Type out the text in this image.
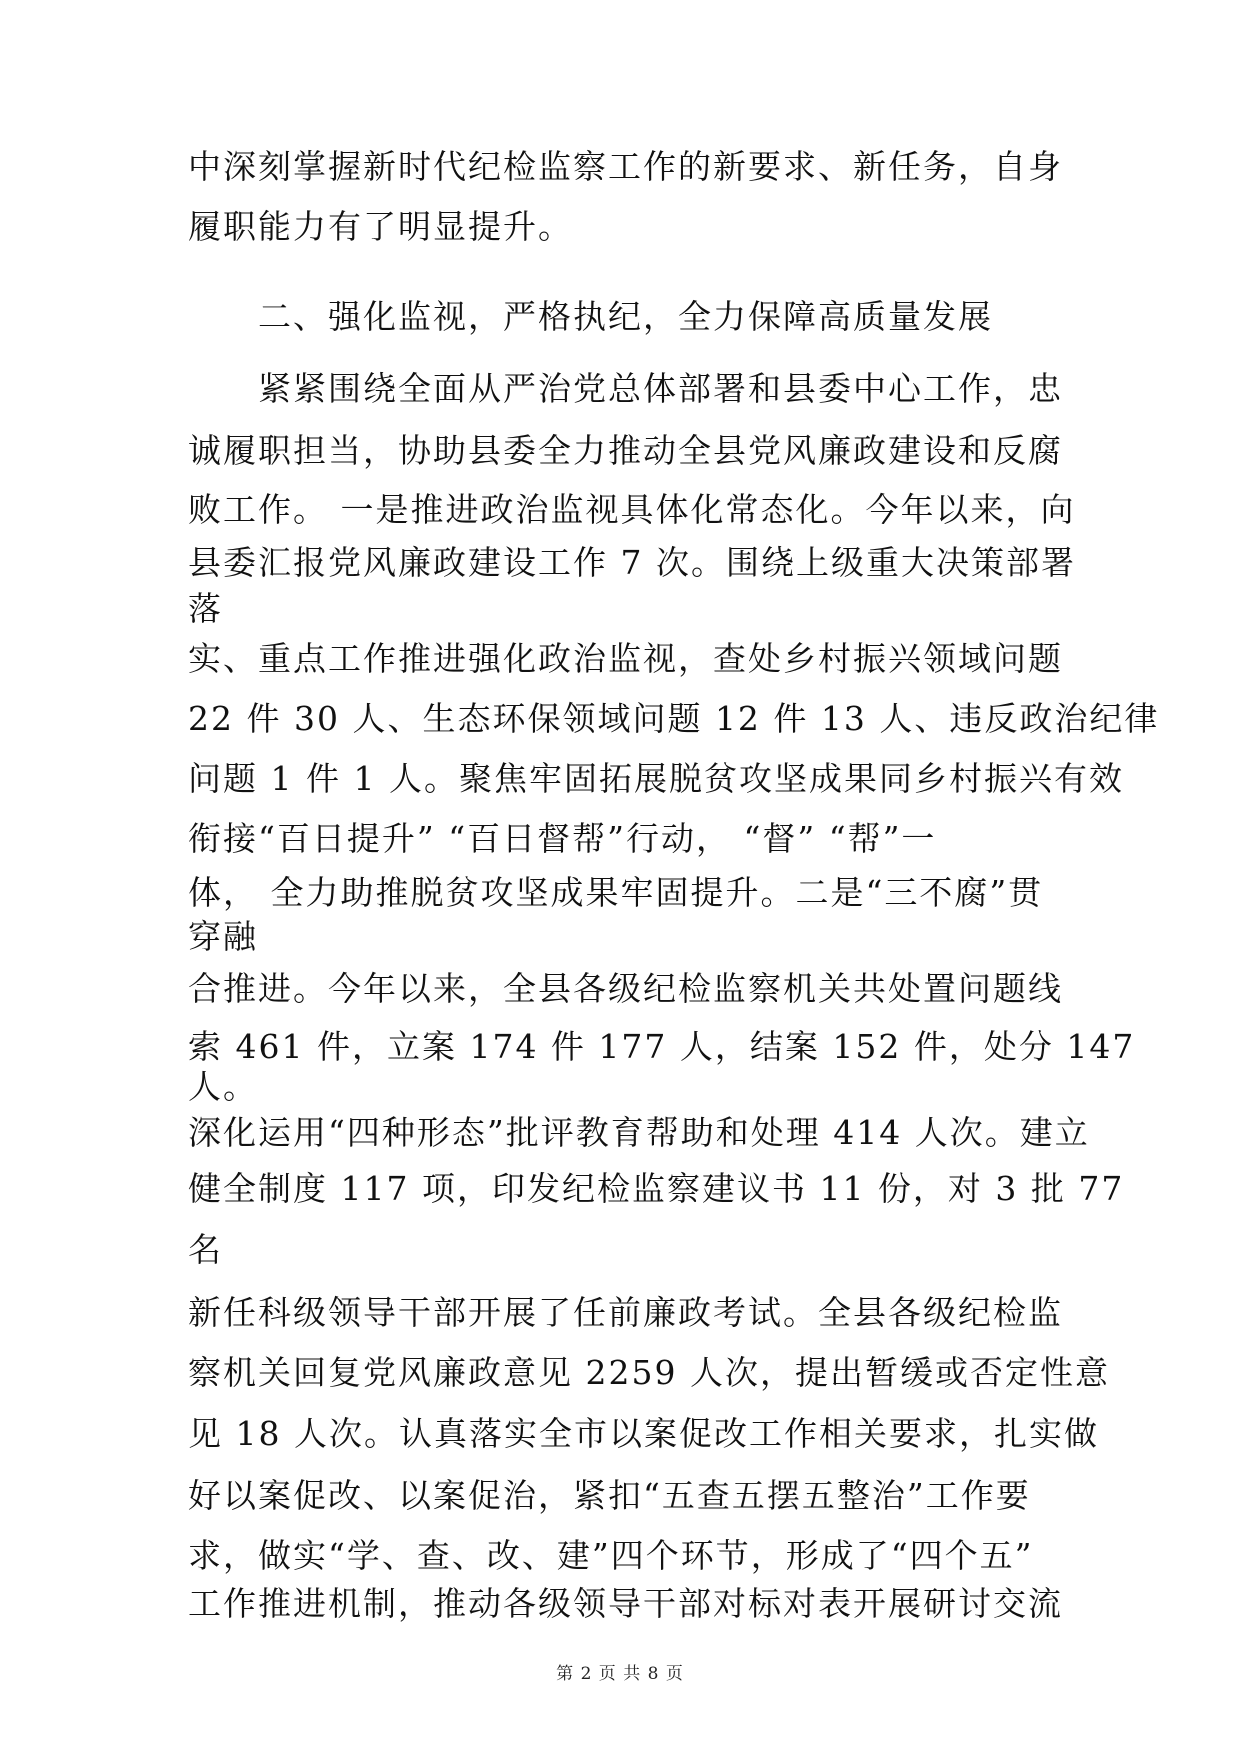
中深刻掌握新时代纪检监察工作的新要求、新任务，自身
履职能力有了明显提升。
二、强化监视，严格执纪，全力保障高质量发展
紧紧围绕全面从严治党总体部署和县委中心工作，忠
诚履职担当，协助县委全力推动全县党风廉政建设和反腐
败工作。 一是推进政治监视具体化常态化。今年以来，向
县委汇报党风廉政建设工作 7 次。围绕上级重大决策部署
落
实、重点工作推进强化政治监视，查处乡村振兴领域问题
22 件 30 人、生态环保领域问题 12 件 13 人、违反政治纪律
问题 1 件 1 人。聚焦牢固拓展脱贫攻坚成果同乡村振兴有效
衔接“百日提升” “百日督帮”行动， “督” “帮”一
体， 全力助推脱贫攻坚成果牢固提升。二是“三不腐”贯
穿融
合推进。今年以来，全县各级纪检监察机关共处置问题线
索 461 件，立案 174 件 177 人，结案 152 件，处分 147
人。
深化运用“四种形态”批评教育帮助和处理 414 人次。建立
健全制度 117 项，印发纪检监察建议书 11 份，对 3 批 77
名
新任科级领导干部开展了任前廉政考试。全县各级纪检监
察机关回复党风廉政意见 2259 人次，提出暂缓或否定性意
见 18 人次。认真落实全市以案促改工作相关要求，扎实做
好以案促改、以案促治，紧扣“五查五摆五整治”工作要
求，做实“学、查、改、建”四个环节，形成了“四个五”
工作推进机制，推动各级领导干部对标对表开展研讨交流
第 2 页 共 8 页
